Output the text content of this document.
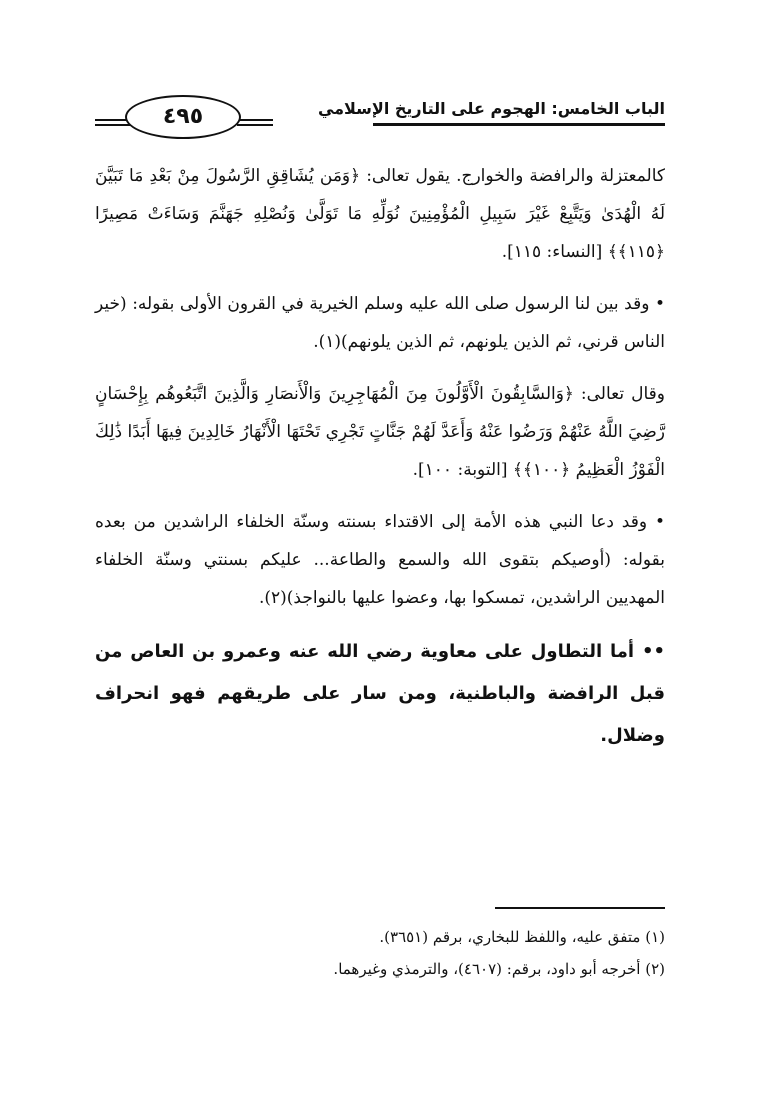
الباب الخامس: الهجوم على التاريخ الإسلامي
٤٩٥

كالمعتزلة والرافضة والخوارج. يقول تعالى: ﴿وَمَن يُشَاقِقِ الرَّسُولَ مِنْ بَعْدِ مَا تَبَيَّنَ لَهُ الْهُدَىٰ وَيَتَّبِعْ غَيْرَ سَبِيلِ الْمُؤْمِنِينَ نُوَلِّهِ مَا تَوَلَّىٰ وَنُصْلِهِ جَهَنَّمَ وَسَاءَتْ مَصِيرًا ﴿١١٥﴾﴾ [النساء: ١١٥].

• وقد بين لنا الرسول صلى الله عليه وسلم الخيرية في القرون الأولى بقوله: (خير الناس قرني، ثم الذين يلونهم، ثم الذين يلونهم)(١).

وقال تعالى: ﴿وَالسَّابِقُونَ الْأَوَّلُونَ مِنَ الْمُهَاجِرِينَ وَالْأَنصَارِ وَالَّذِينَ اتَّبَعُوهُم بِإِحْسَانٍ رَّضِيَ اللَّهُ عَنْهُمْ وَرَضُوا عَنْهُ وَأَعَدَّ لَهُمْ جَنَّاتٍ تَجْرِي تَحْتَهَا الْأَنْهَارُ خَالِدِينَ فِيهَا أَبَدًا ذَٰلِكَ الْفَوْزُ الْعَظِيمُ ﴿١٠٠﴾﴾ [التوبة: ١٠٠].

• وقد دعا النبي هذه الأمة إلى الاقتداء بسنته وسنّة الخلفاء الراشدين من بعده بقوله: (أوصيكم بتقوى الله والسمع والطاعة... عليكم بسنتي وسنّة الخلفاء المهديين الراشدين، تمسكوا بها، وعضوا عليها بالنواجذ)(٢).

•• أما التطاول على معاوية رضي الله عنه وعمرو بن العاص من قبل الرافضة والباطنية، ومن سار على طريقهم فهو انحراف وضلال.

(١) متفق عليه، واللفظ للبخاري، برقم (٣٦٥١).
(٢) أخرجه أبو داود، برقم: (٤٦٠٧)، والترمذي وغيرهما.
